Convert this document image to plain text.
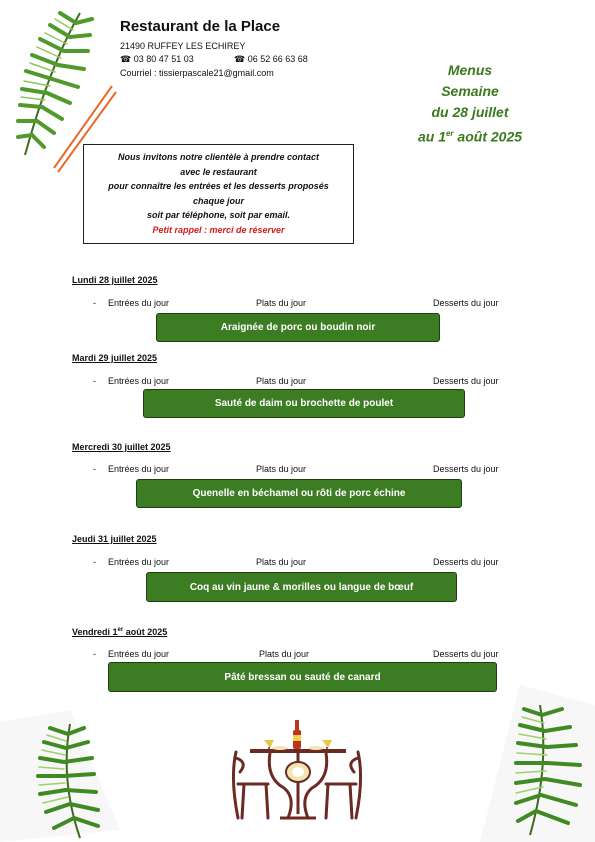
Restaurant de la Place
21490 RUFFEY LES ECHIREY
☎ 03 80 47 51 03	☎ 06 52 66 63 68
Courriel : tissierpascale21@gmail.com	Menus
Semaine
du 28 juillet
au 1er août 2025
Nous invitons notre clientèle à prendre contact
avec le restaurant
pour connaître les entrées et les desserts proposés
chaque jour
soit par téléphone, soit par email.
Petit rappel : merci de réserver
Lundi 28 juillet 2025
- Entrées du jour	Plats du jour	Desserts du jour
Araignée de porc ou boudin noir
Mardi 29 juillet 2025
- Entrées du jour	Plats du jour	Desserts du jour
Sauté de daim ou brochette de poulet
Mercredi 30 juillet 2025
- Entrées du jour	Plats du jour	Desserts du jour
Quenelle en béchamel ou rôti de porc échine
Jeudi 31 juillet 2025
- Entrées du jour	Plats du jour	Desserts du jour
Coq au vin jaune & morilles ou langue de bœuf
Vendredi 1er août 2025
- Entrées du jour	Plats du jour	Desserts du jour
Pâté bressan ou sauté de canard
